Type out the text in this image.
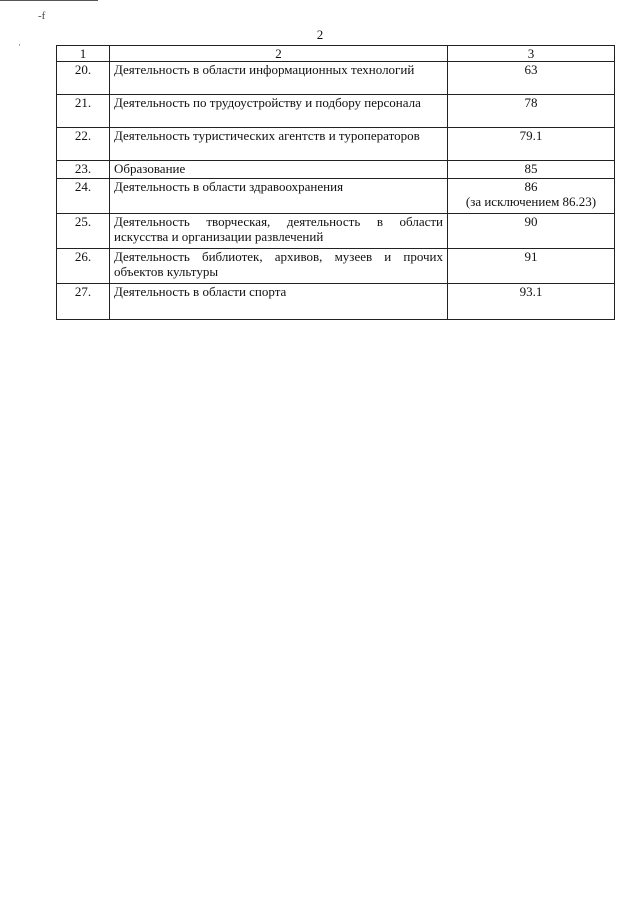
-f
·
2
1	2	3
20.	Деятельность в области информационных технологий	63
21.	Деятельность по трудоустройству и подбору персонала	78
22.	Деятельность туристических агентств и туроператоров	79.1
23.	Образование	85
24.	Деятельность в области здравоохранения	86
(за исключением 86.23)

25.	Деятельность творческая, деятельность в области искусства и организации развлечений	90
26.	Деятельность библиотек, архивов, музеев и прочих объектов культуры	91
27.	Деятельность в области спорта	93.1
